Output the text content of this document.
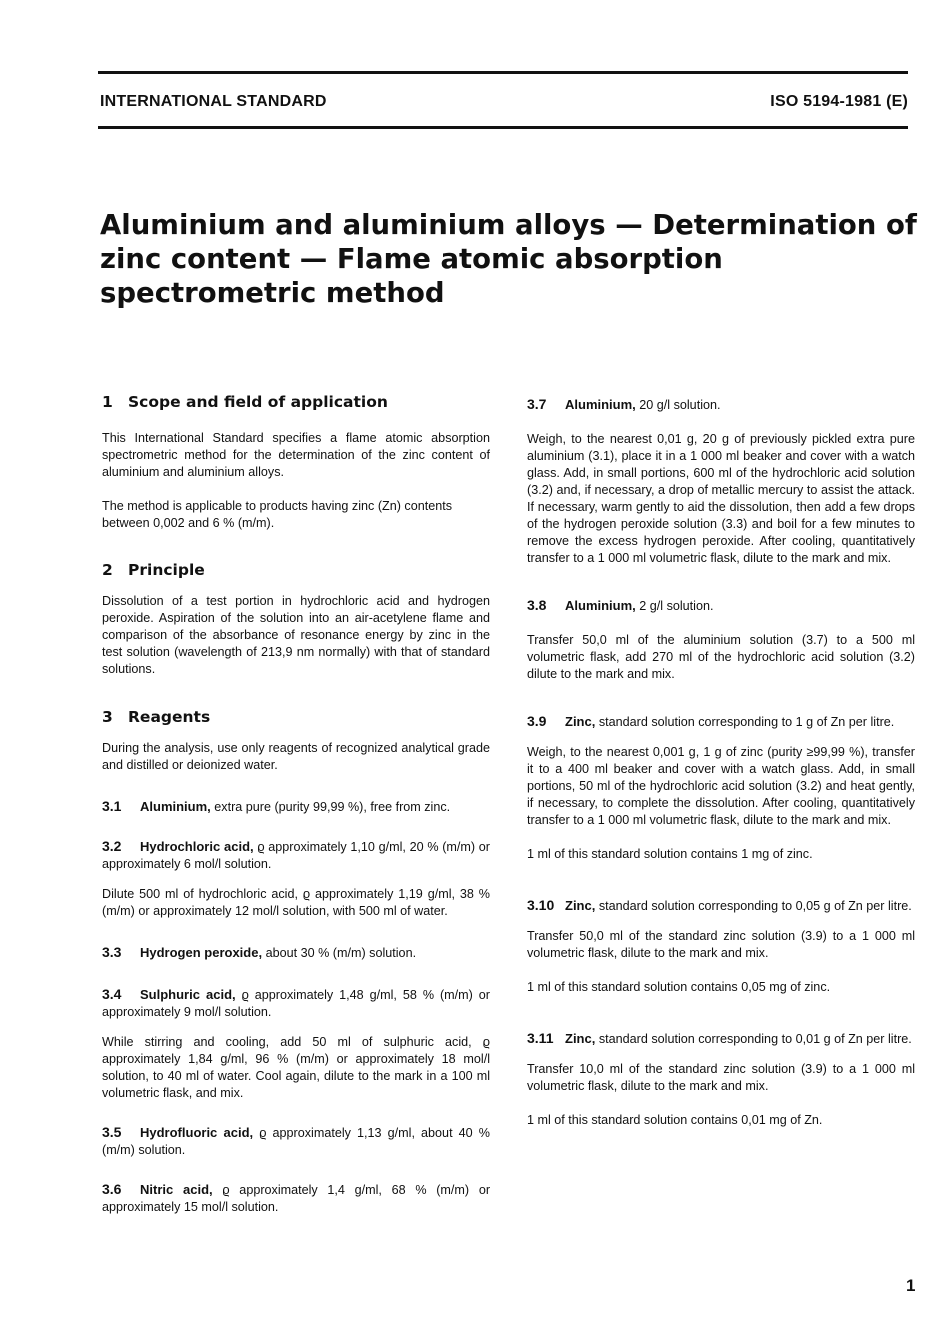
INTERNATIONAL STANDARD	ISO 5194-1981 (E)
Aluminium and aluminium alloys — Determination of zinc content — Flame atomic absorption spectrometric method
1 Scope and field of application

This International Standard specifies a flame atomic absorption spectrometric method for the determination of the zinc content of aluminium and aluminium alloys.

The method is applicable to products having zinc (Zn) contents between 0,002 and 6 % (m/m).

2 Principle

Dissolution of a test portion in hydrochloric acid and hydrogen peroxide. Aspiration of the solution into an air-acetylene flame and comparison of the absorbance of resonance energy by zinc in the test solution (wavelength of 213,9 nm normally) with that of standard solutions.

3 Reagents

During the analysis, use only reagents of recognized analytical grade and distilled or deionized water.

3.1 Aluminium, extra pure (purity 99,99 %), free from zinc.

3.2 Hydrochloric acid, ϱ approximately 1,10 g/ml, 20 % (m/m) or approximately 6 mol/l solution.

Dilute 500 ml of hydrochloric acid, ϱ approximately 1,19 g/ml, 38 % (m/m) or approximately 12 mol/l solution, with 500 ml of water.

3.3 Hydrogen peroxide, about 30 % (m/m) solution.

3.4 Sulphuric acid, ϱ approximately 1,48 g/ml, 58 % (m/m) or approximately 9 mol/l solution.

While stirring and cooling, add 50 ml of sulphuric acid, ϱ approximately 1,84 g/ml, 96 % (m/m) or approximately 18 mol/l solution, to 40 ml of water. Cool again, dilute to the mark in a 100 ml volumetric flask, and mix.

3.5 Hydrofluoric acid, ϱ approximately 1,13 g/ml, about 40 % (m/m) solution.

3.6 Nitric acid, ϱ approximately 1,4 g/ml, 68 % (m/m) or approximately 15 mol/l solution.

3.7 Aluminium, 20 g/l solution.

Weigh, to the nearest 0,01 g, 20 g of previously pickled extra pure aluminium (3.1), place it in a 1 000 ml beaker and cover with a watch glass. Add, in small portions, 600 ml of the hydrochloric acid solution (3.2) and, if necessary, a drop of metallic mercury to assist the attack. If necessary, warm gently to aid the dissolution, then add a few drops of the hydrogen peroxide solution (3.3) and boil for a few minutes to remove the excess hydrogen peroxide. After cooling, quantitatively transfer to a 1 000 ml volumetric flask, dilute to the mark and mix.

3.8 Aluminium, 2 g/l solution.

Transfer 50,0 ml of the aluminium solution (3.7) to a 500 ml volumetric flask, add 270 ml of the hydrochloric acid solution (3.2) dilute to the mark and mix.

3.9 Zinc, standard solution corresponding to 1 g of Zn per litre.

Weigh, to the nearest 0,001 g, 1 g of zinc (purity ≥99,99 %), transfer it to a 400 ml beaker and cover with a watch glass. Add, in small portions, 50 ml of the hydrochloric acid solution (3.2) and heat gently, if necessary, to complete the dissolution. After cooling, quantitatively transfer to a 1 000 ml volumetric flask, dilute to the mark and mix.

1 ml of this standard solution contains 1 mg of zinc.

3.10 Zinc, standard solution corresponding to 0,05 g of Zn per litre.

Transfer 50,0 ml of the standard zinc solution (3.9) to a 1 000 ml volumetric flask, dilute to the mark and mix.

1 ml of this standard solution contains 0,05 mg of zinc.

3.11 Zinc, standard solution corresponding to 0,01 g of Zn per litre.

Transfer 10,0 ml of the standard zinc solution (3.9) to a 1 000 ml volumetric flask, dilute to the mark and mix.

1 ml of this standard solution contains 0,01 mg of Zn.

1
